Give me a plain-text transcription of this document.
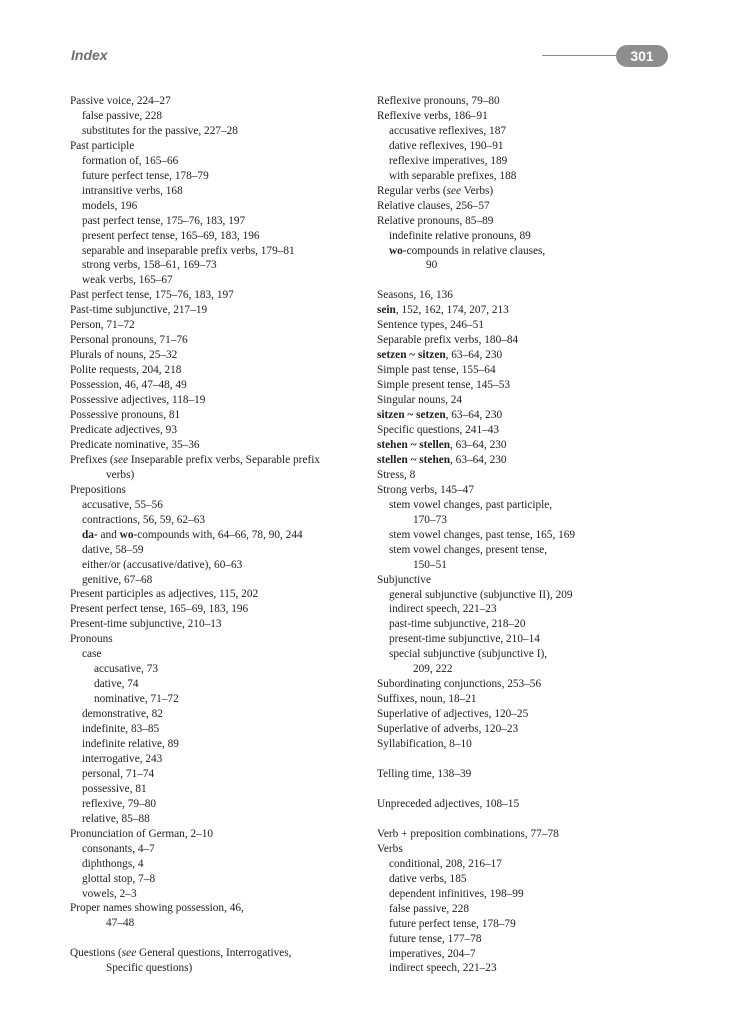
Index	301
Passive voice, 224–27
false passive, 228
substitutes for the passive, 227–28
Past participle
formation of, 165–66
future perfect tense, 178–79
intransitive verbs, 168
models, 196
past perfect tense, 175–76, 183, 197
present perfect tense, 165–69, 183, 196
separable and inseparable prefix verbs, 179–81
strong verbs, 158–61, 169–73
weak verbs, 165–67
Past perfect tense, 175–76, 183, 197
Past-time subjunctive, 217–19
Person, 71–72
Personal pronouns, 71–76
Plurals of nouns, 25–32
Polite requests, 204, 218
Possession, 46, 47–48, 49
Possessive adjectives, 118–19
Possessive pronouns, 81
Predicate adjectives, 93
Predicate nominative, 35–36
Prefixes (see Inseparable prefix verbs, Separable prefix
verbs)
Prepositions
accusative, 55–56
contractions, 56, 59, 62–63
da- and wo-compounds with, 64–66, 78, 90, 244
dative, 58–59
either/or (accusative/dative), 60–63
genitive, 67–68
Present participles as adjectives, 115, 202
Present perfect tense, 165–69, 183, 196
Present-time subjunctive, 210–13
Pronouns
case
accusative, 73
dative, 74
nominative, 71–72
demonstrative, 82
indefinite, 83–85
indefinite relative, 89
interrogative, 243
personal, 71–74
possessive, 81
reflexive, 79–80
relative, 85–88
Pronunciation of German, 2–10
consonants, 4–7
diphthongs, 4
glottal stop, 7–8
vowels, 2–3
Proper names showing possession, 46,
47–48
Questions (see General questions, Interrogatives,
Specific questions)
Reflexive pronouns, 79–80
Reflexive verbs, 186–91
accusative reflexives, 187
dative reflexives, 190–91
reflexive imperatives, 189
with separable prefixes, 188
Regular verbs (see Verbs)
Relative clauses, 256–57
Relative pronouns, 85–89
indefinite relative pronouns, 89
wo-compounds in relative clauses,
90
Seasons, 16, 136
sein, 152, 162, 174, 207, 213
Sentence types, 246–51
Separable prefix verbs, 180–84
setzen ~ sitzen, 63–64, 230
Simple past tense, 155–64
Simple present tense, 145–53
Singular nouns, 24
sitzen ~ setzen, 63–64, 230
Specific questions, 241–43
stehen ~ stellen, 63–64, 230
stellen ~ stehen, 63–64, 230
Stress, 8
Strong verbs, 145–47
stem vowel changes, past participle,
170–73
stem vowel changes, past tense, 165, 169
stem vowel changes, present tense,
150–51
Subjunctive
general subjunctive (subjunctive II), 209
indirect speech, 221–23
past-time subjunctive, 218–20
present-time subjunctive, 210–14
special subjunctive (subjunctive I),
209, 222
Subordinating conjunctions, 253–56
Suffixes, noun, 18–21
Superlative of adjectives, 120–25
Superlative of adverbs, 120–23
Syllabification, 8–10
Telling time, 138–39
Unpreceded adjectives, 108–15
Verb + preposition combinations, 77–78
Verbs
conditional, 208, 216–17
dative verbs, 185
dependent infinitives, 198–99
false passive, 228
future perfect tense, 178–79
future tense, 177–78
imperatives, 204–7
indirect speech, 221–23
